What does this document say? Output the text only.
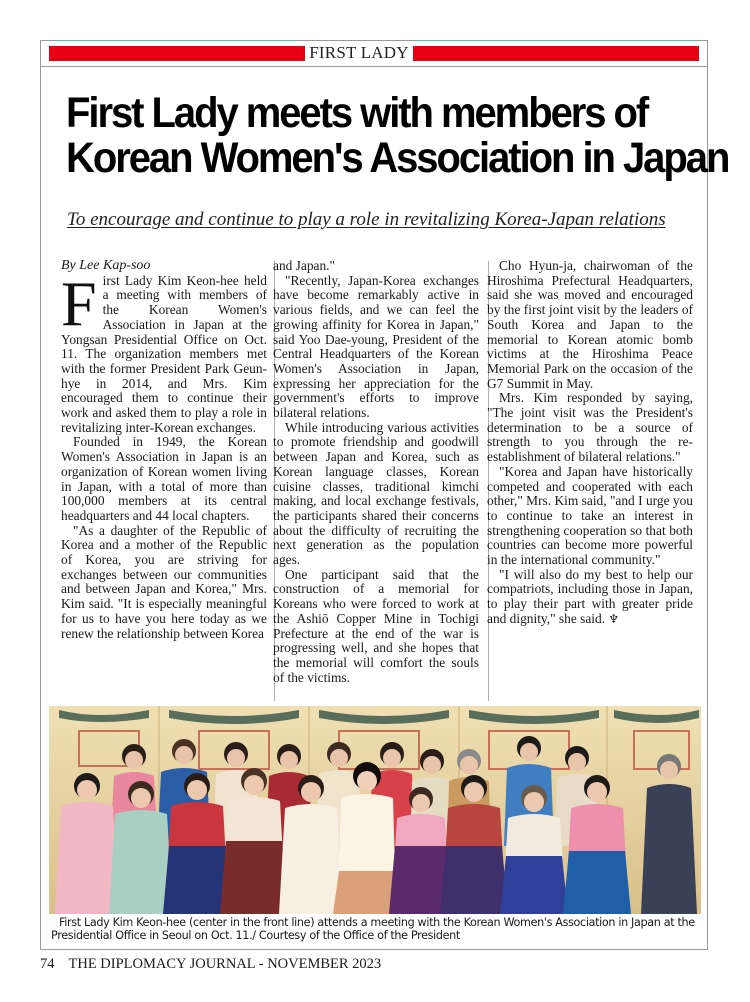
FIRST LADY
First Lady meets with members of
Korean Women's Association in Japan
To encourage and continue to play a role in revitalizing Korea-Japan relations

By Lee Kap-soo

First Lady Kim Keon-hee held a meeting with members of the Korean Women's Association in Japan at the Yongsan Presidential Office on Oct. 11. The organization members met with the former President Park Geun-hye in 2014, and Mrs. Kim encouraged them to continue their work and asked them to play a role in revitalizing inter-Korean exchanges.

Founded in 1949, the Korean Women's Association in Japan is an organization of Korean women living in Japan, with a total of more than 100,000 members at its central headquarters and 44 local chapters.

"As a daughter of the Republic of Korea and a mother of the Republic of Korea, you are striving for exchanges between our communities and between Japan and Korea," Mrs. Kim said. "It is especially meaningful for us to have you here today as we renew the relationship between Korea

and Japan."

"Recently, Japan-Korea exchanges have become remarkably active in various fields, and we can feel the growing affinity for Korea in Japan," said Yoo Dae-young, President of the Central Headquarters of the Korean Women's Association in Japan, expressing her appreciation for the government's efforts to improve bilateral relations.

While introducing various activities to promote friendship and goodwill between Japan and Korea, such as Korean language classes, Korean cuisine classes, traditional kimchi making, and local exchange festivals, the participants shared their concerns about the difficulty of recruiting the next generation as the population ages.

One participant said that the construction of a memorial for Koreans who were forced to work at the Ashiō Copper Mine in Tochigi Prefecture at the end of the war is progressing well, and she hopes that the memorial will comfort the souls of the victims.

Cho Hyun-ja, chairwoman of the Hiroshima Prefectural Headquarters, said she was moved and encouraged by the first joint visit by the leaders of South Korea and Japan to the memorial to Korean atomic bomb victims at the Hiroshima Peace Memorial Park on the occasion of the G7 Summit in May.

Mrs. Kim responded by saying, "The joint visit was the President's determination to be a source of strength to you through the re-establishment of bilateral relations."

"Korea and Japan have historically competed and cooperated with each other," Mrs. Kim said, "and I urge you to continue to take an interest in strengthening cooperation so that both countries can become more powerful in the international community."

"I will also do my best to help our compatriots, including those in Japan, to play their part with greater pride and dignity," she said. ♆

First Lady Kim Keon-hee (center in the front line) attends a meeting with the Korean Women's Association in Japan at the Presidential Office in Seoul on Oct. 11./ Courtesy of the Office of the President
74 THE DIPLOMACY JOURNAL - NOVEMBER 2023
